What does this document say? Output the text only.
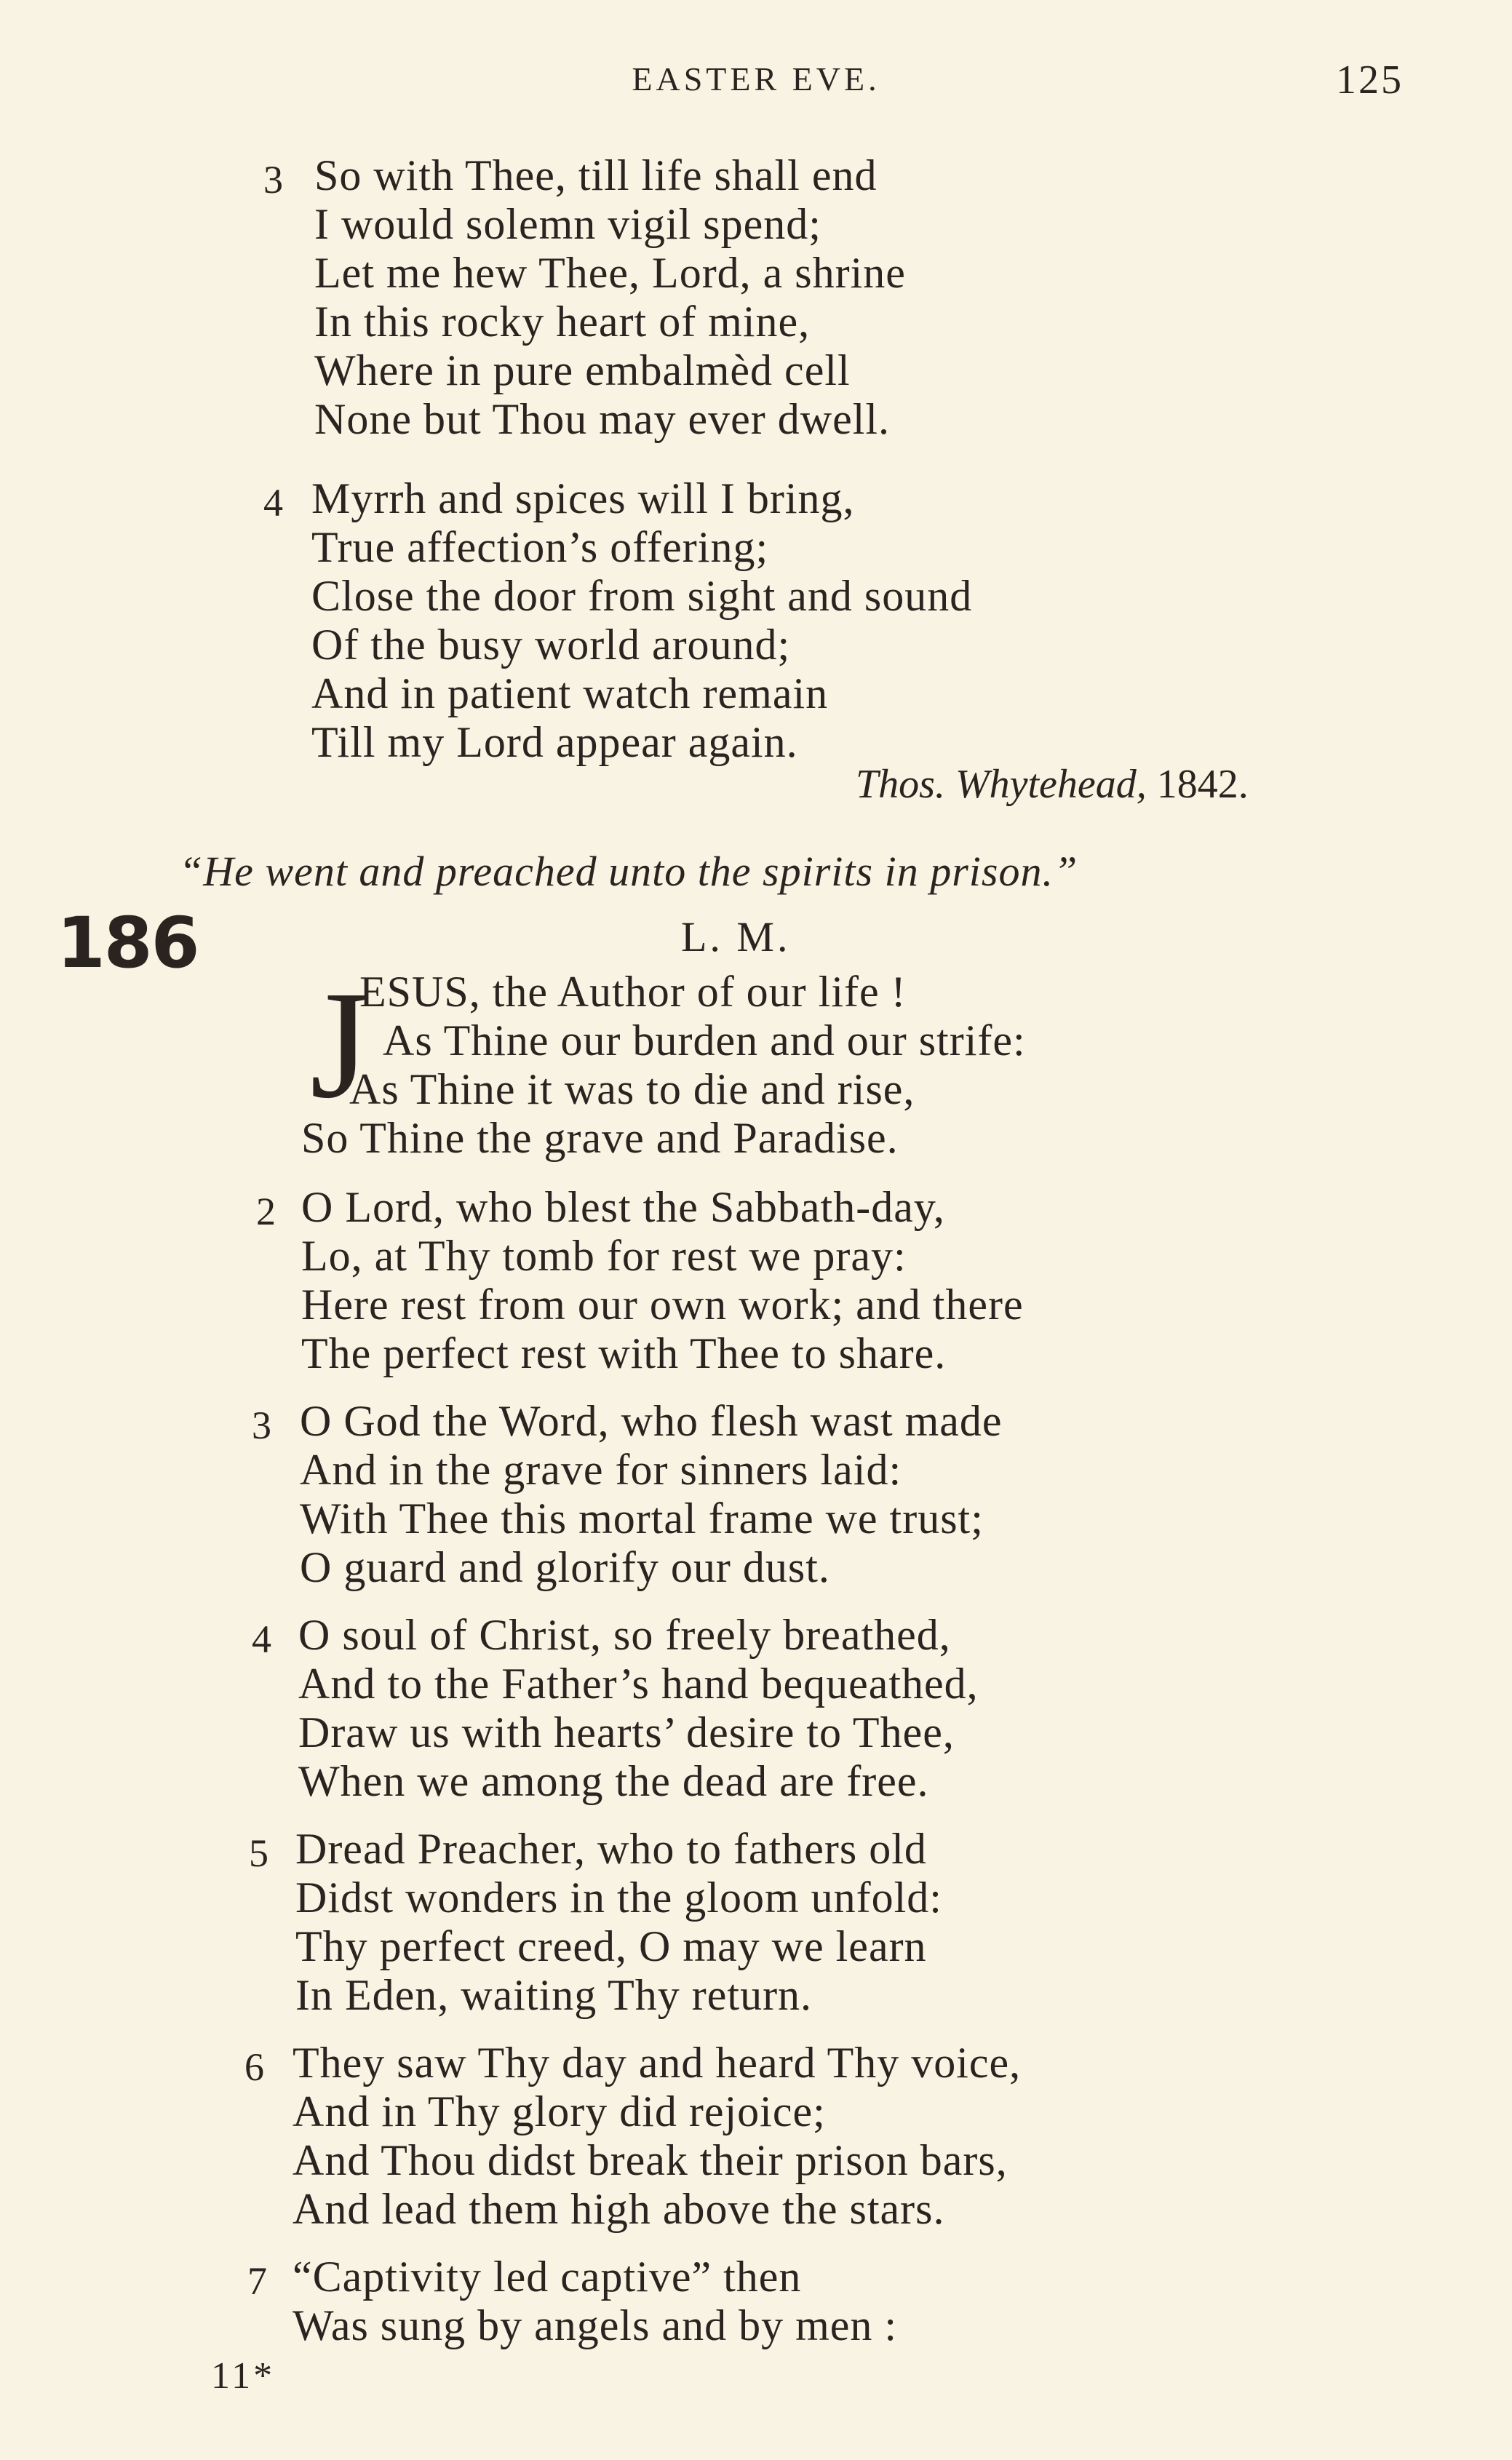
EASTER EVE.	125
3 So with Thee, till life shall end
I would solemn vigil spend;
Let me hew Thee, Lord, a shrine
In this rocky heart of mine,
Where in pure embalmèd cell
None but Thou may ever dwell.
4 Myrrh and spices will I bring,
True affection’s offering;
Close the door from sight and sound
Of the busy world around;
And in patient watch remain
Till my Lord appear again.
Thos. Whytehead, 1842.
“He went and preached unto the spirits in prison.”
186	L. M.
J
ESUS, the Author of our life !
As Thine our burden and our strife:
As Thine it was to die and rise,
So Thine the grave and Paradise.
2 O Lord, who blest the Sabbath-day,
Lo, at Thy tomb for rest we pray:
Here rest from our own work; and there
The perfect rest with Thee to share.
3 O God the Word, who flesh wast made
And in the grave for sinners laid:
With Thee this mortal frame we trust;
O guard and glorify our dust.
4 O soul of Christ, so freely breathed,
And to the Father’s hand bequeathed,
Draw us with hearts’ desire to Thee,
When we among the dead are free.
5 Dread Preacher, who to fathers old
Didst wonders in the gloom unfold:
Thy perfect creed, O may we learn
In Eden, waiting Thy return.
6 They saw Thy day and heard Thy voice,
And in Thy glory did rejoice;
And Thou didst break their prison bars,
And lead them high above the stars.
7 “Captivity led captive” then
Was sung by angels and by men :
11*
